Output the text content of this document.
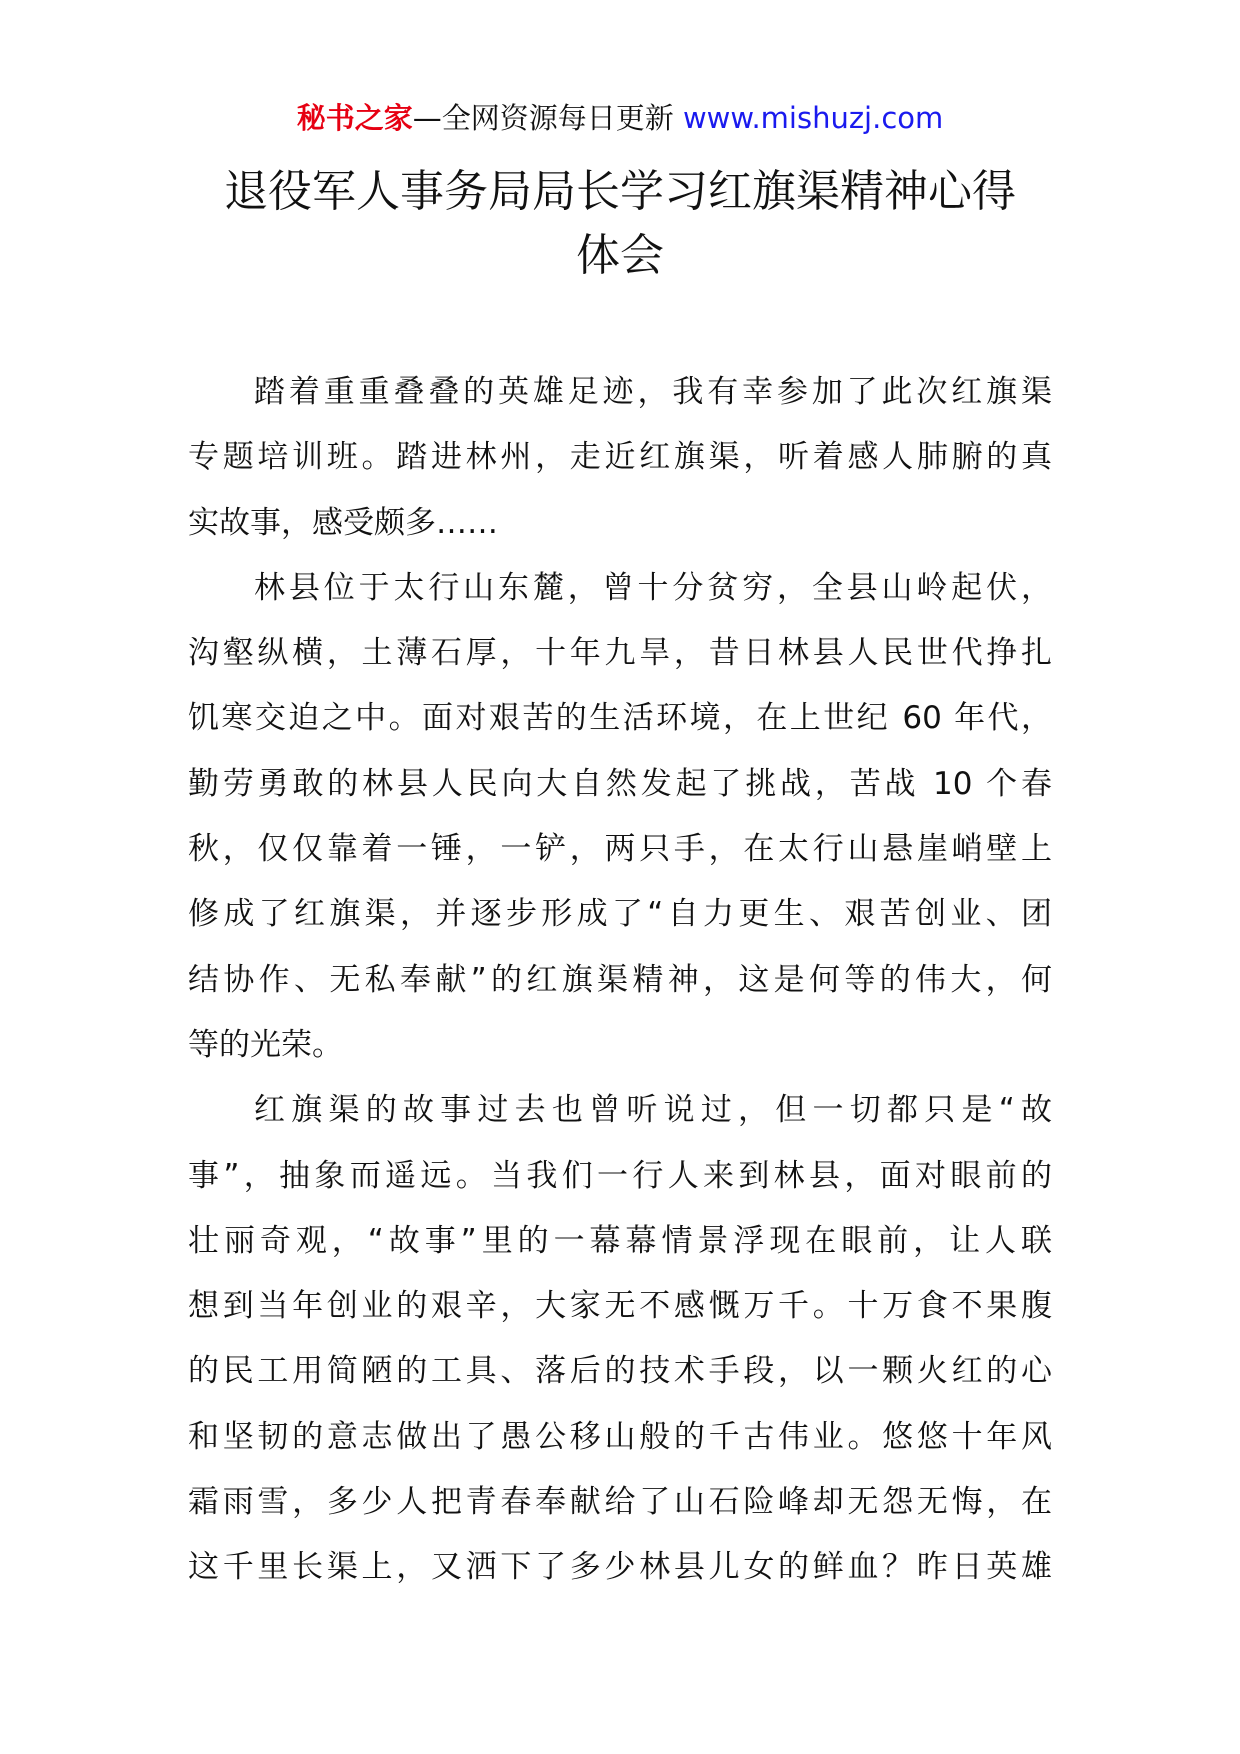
秘书之家—全网资源每日更新 www.mishuzj.com
退役军人事务局局长学习红旗渠精神心得
体会
踏着重重叠叠的英雄足迹，我有幸参加了此次红旗渠
专题培训班。踏进林州，走近红旗渠，听着感人肺腑的真
实故事，感受颇多……
林县位于太行山东麓，曾十分贫穷，全县山岭起伏，
沟壑纵横，土薄石厚，十年九旱，昔日林县人民世代挣扎
饥寒交迫之中。面对艰苦的生活环境，在上世纪 60 年代，
勤劳勇敢的林县人民向大自然发起了挑战，苦战 10 个春
秋，仅仅靠着一锤，一铲，两只手，在太行山悬崖峭壁上
修成了红旗渠，并逐步形成了“自力更生、艰苦创业、团
结协作、无私奉献”的红旗渠精神，这是何等的伟大，何
等的光荣。
红旗渠的故事过去也曾听说过，但一切都只是“故
事”，抽象而遥远。当我们一行人来到林县，面对眼前的
壮丽奇观，“故事”里的一幕幕情景浮现在眼前，让人联
想到当年创业的艰辛，大家无不感慨万千。十万食不果腹
的民工用简陋的工具、落后的技术手段，以一颗火红的心
和坚韧的意志做出了愚公移山般的千古伟业。悠悠十年风
霜雨雪，多少人把青春奉献给了山石险峰却无怨无悔，在
这千里长渠上，又洒下了多少林县儿女的鲜血？昨日英雄
